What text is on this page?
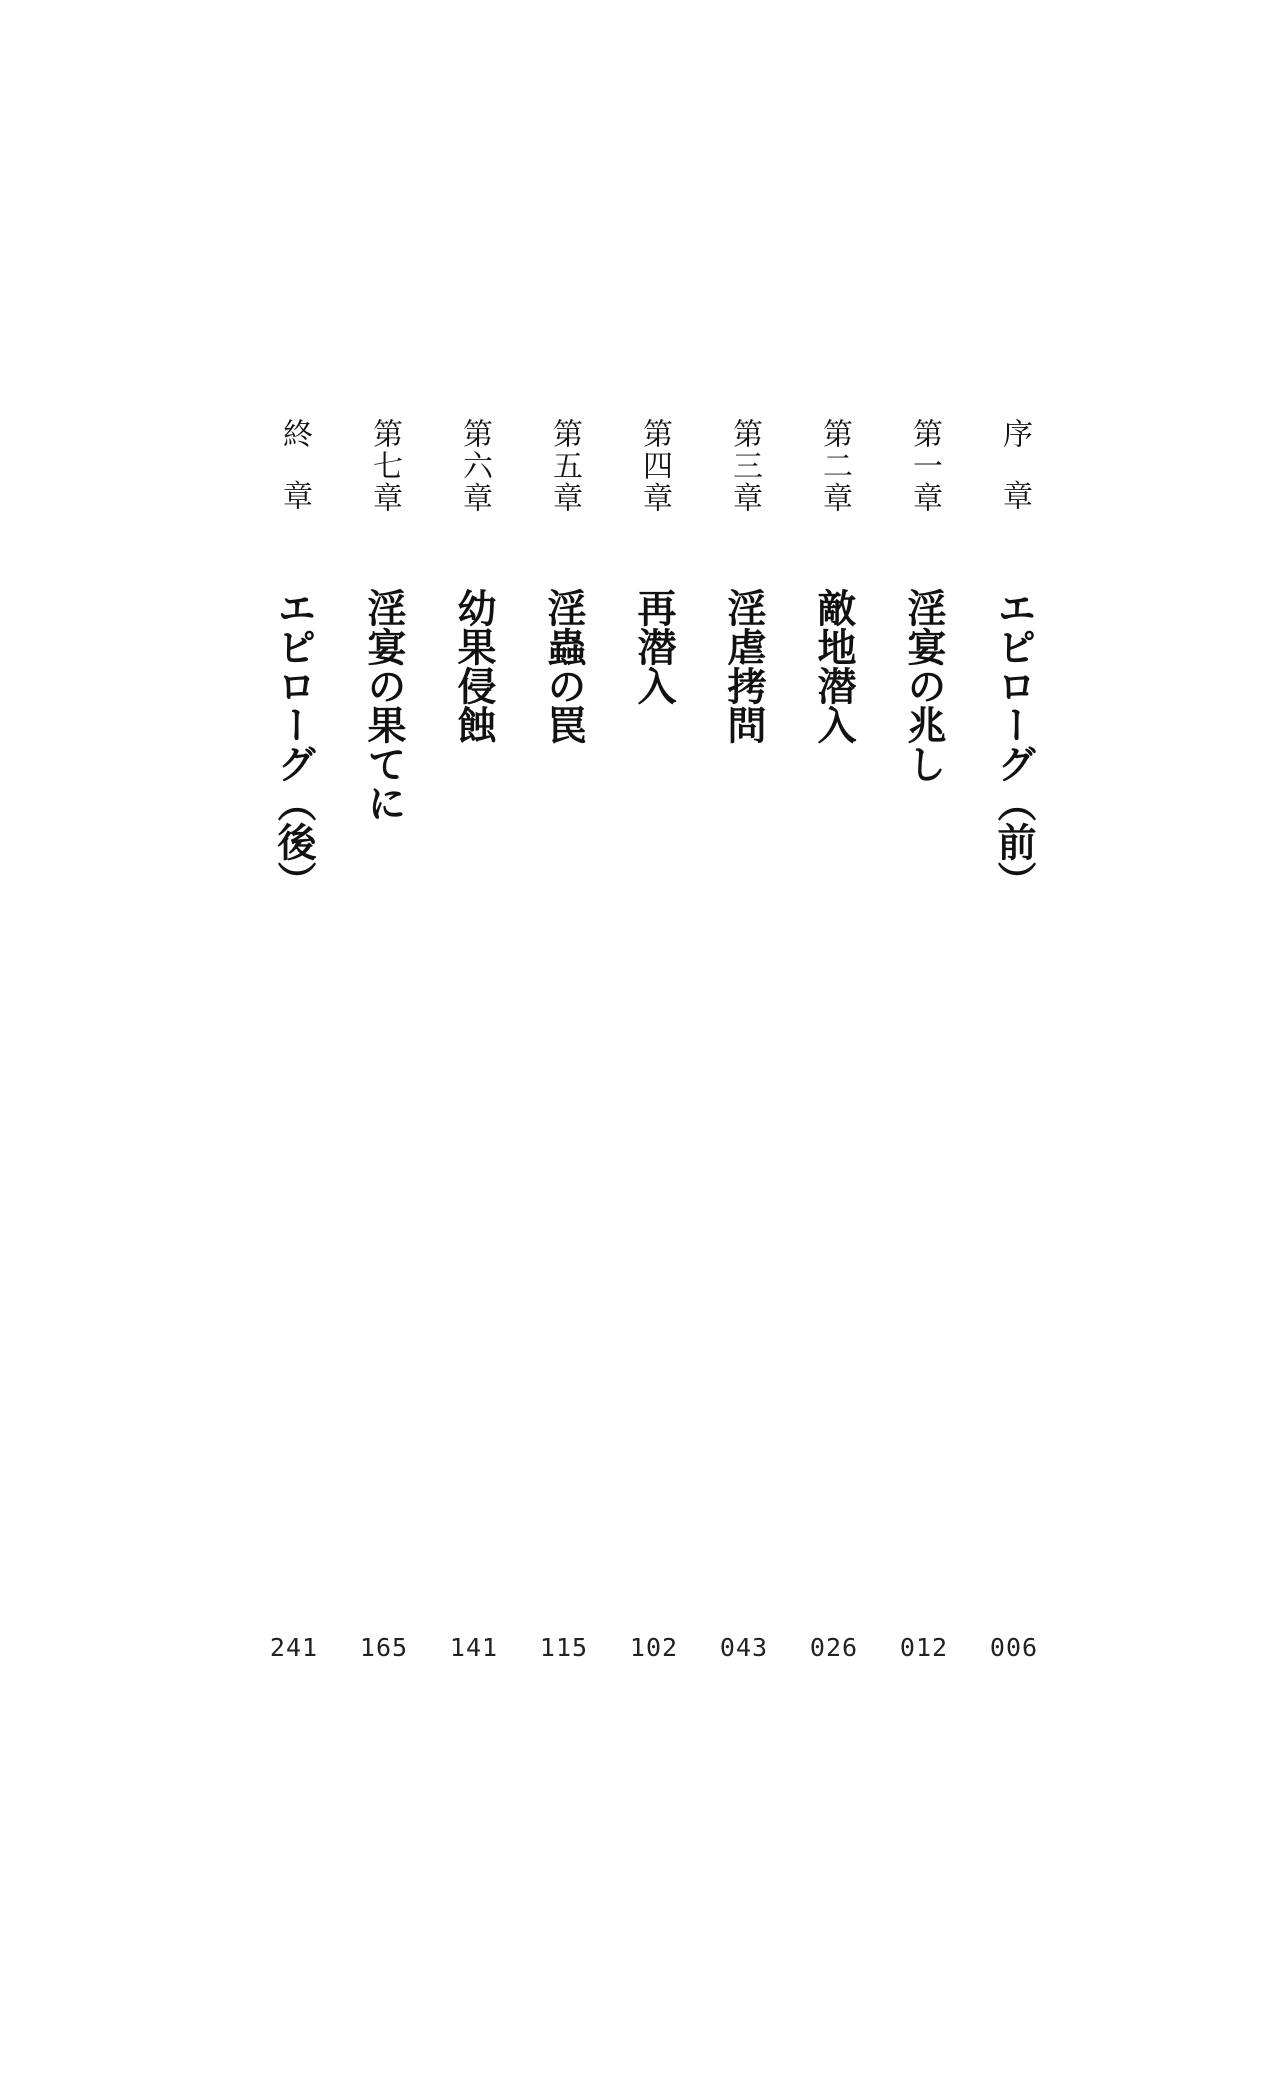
序章
エピローグ（前）
006
第一章
淫宴の兆し
012
第二章
敵地潜入
026
第三章
淫虐拷問
043
第四章
再潜入
102
第五章
淫蟲の罠
115
第六章
幼果侵蝕
141
第七章
淫宴の果てに
165
終章
エピローグ（後）
241
